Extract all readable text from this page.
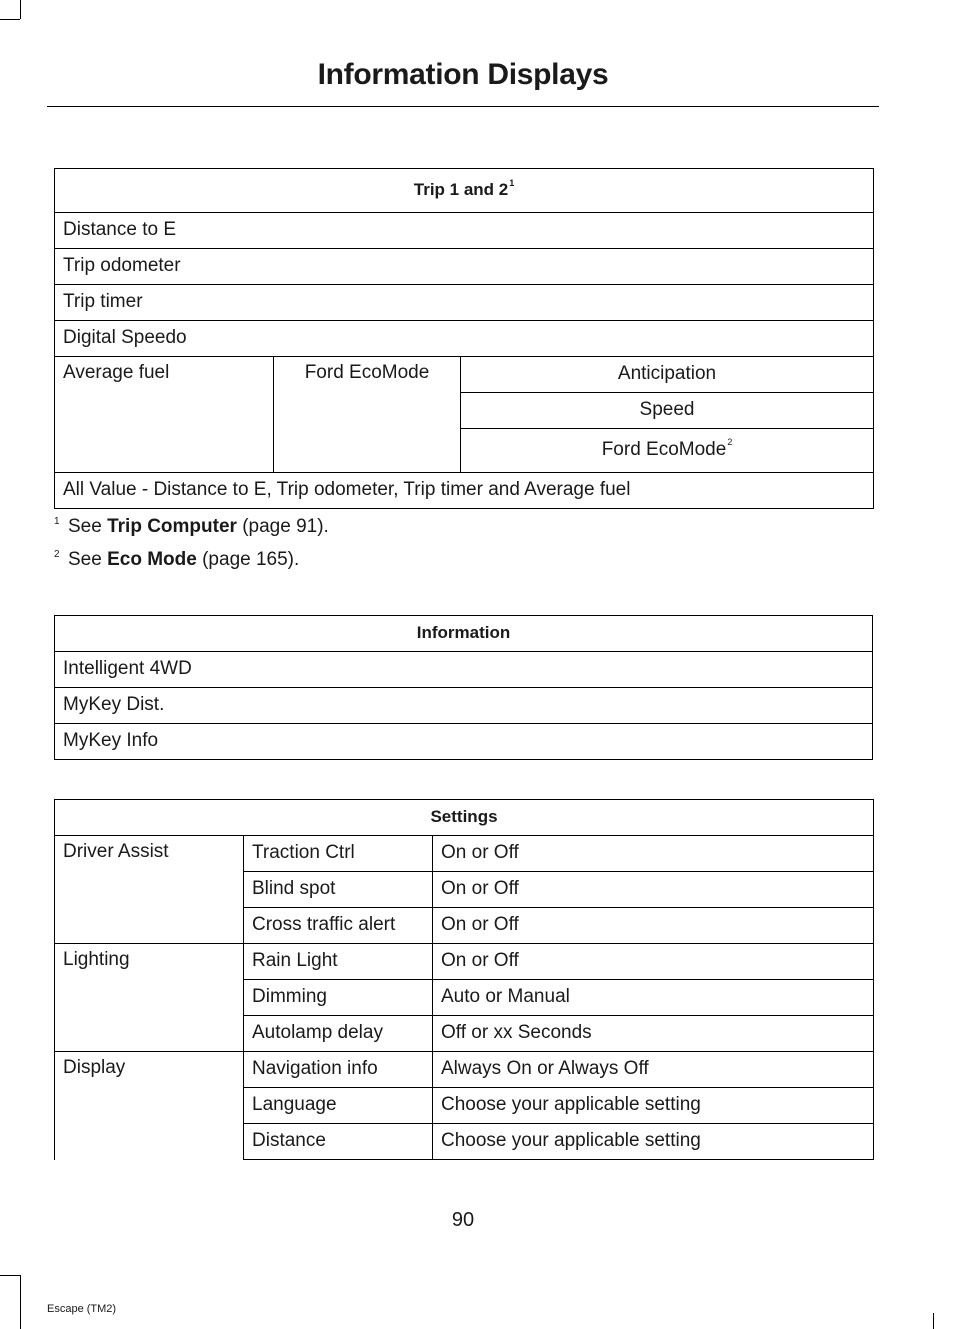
Information Displays
Trip 1 and $2^1$
Distance to E
Trip odometer
Trip timer
Digital Speedo
Average fuel	Ford EcoMode	Anticipation
Speed
Ford EcoMode$^2$
All Value - Distance to E, Trip odometer, Trip timer and Average fuel
1 See Trip Computer (page 91).
2 See Eco Mode (page 165).
Information
Intelligent 4WD
MyKey Dist.
MyKey Info
Settings		
Driver Assist	Traction Ctrl	On or Off
	Blind spot	On or Off
	Cross traffic alert	On or Off
Lighting	Rain Light	On or Off
	Dimming	Auto or Manual
	Autolamp delay	Off or xx Seconds
Display	Navigation info	Always On or Always Off
	Language	Choose your applicable setting
	Distance	Choose your applicable setting
90
Escape (TM2)
